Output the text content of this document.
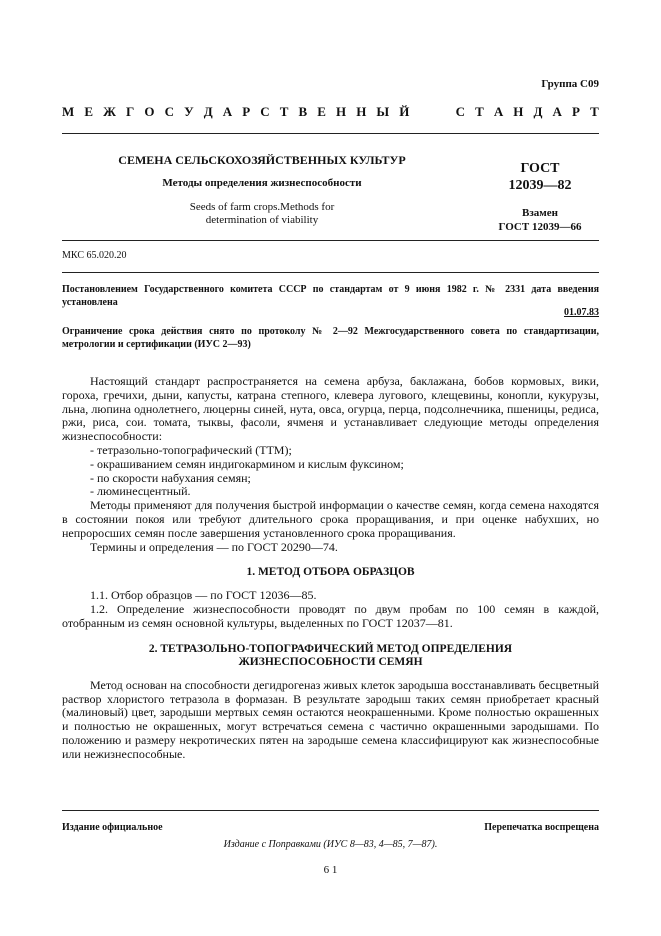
Группа С09
М Е Ж Г О С У Д А Р С Т В Е Н Н Ы Й	С Т А Н Д А Р Т
СЕМЕНА СЕЛЬСКОХОЗЯЙСТВЕННЫХ КУЛЬТУР
Методы определения жизнеспособности
Seeds of farm crops.Methods for
determination of viability
ГОСТ
12039—82
Взамен
ГОСТ 12039—66
МКС 65.020.20
Постановлением Государственного комитета СССР по стандартам от 9 июня 1982 г. № 2331 дата введения установлена
01.07.83
Ограничение срока действия снято по протоколу № 2—92 Межгосударственного совета по стандартизации, метрологии и сертификации (ИУС 2—93)

Настоящий стандарт распространяется на семена арбуза, баклажана, бобов кормовых, вики, гороха, гречихи, дыни, капусты, катрана степного, клевера лугового, клещевины, конопли, кукурузы, льна, люпина однолетнего, люцерны синей, нута, овса, огурца, перца, подсолнечника, пшеницы, редиса, ржи, риса, сои. томата, тыквы, фасоли, ячменя и устанавливает следующие методы определения жизнеспособности:

- тетразольно-топографический (ТТМ);

- окрашиванием семян индигокармином и кислым фуксином;

- по скорости набухания семян;

- люминесцентный.

Методы применяют для получения быстрой информации о качестве семян, когда семена находятся в состоянии покоя или требуют длительного срока проращивания, и при оценке набухших, но непроросших семян после завершения установленного срока проращивания.

Термины и определения — по ГОСТ 20290—74.

1. МЕТОД ОТБОРА ОБРАЗЦОВ

1.1. Отбор образцов — по ГОСТ 12036—85.

1.2. Определение жизнеспособности проводят по двум пробам по 100 семян в каждой, отобранным из семян основной культуры, выделенных по ГОСТ 12037—81.

2. ТЕТРАЗОЛЬНО-ТОПОГРАФИЧЕСКИЙ МЕТОД ОПРЕДЕЛЕНИЯ
ЖИЗНЕСПОСОБНОСТИ СЕМЯН

Метод основан на способности дегидрогеназ живых клеток зародыша восстанавливать бесцветный раствор хлористого тетразола в формазан. В результате зародыш таких семян приобретает красный (малиновый) цвет, зародыши мертвых семян остаются неокрашенными. Кроме полностью окрашенных и полностью не окрашенных, могут встречаться семена с частично окрашенными зародышами. По положению и размеру некротических пятен на зародыше семена классифицируют как жизнеспособные или нежизнеспособные.

Издание официальное	Перепечатка воспрещена
Издание с Поправками (ИУС 8—83, 4—85, 7—87).
6 1
